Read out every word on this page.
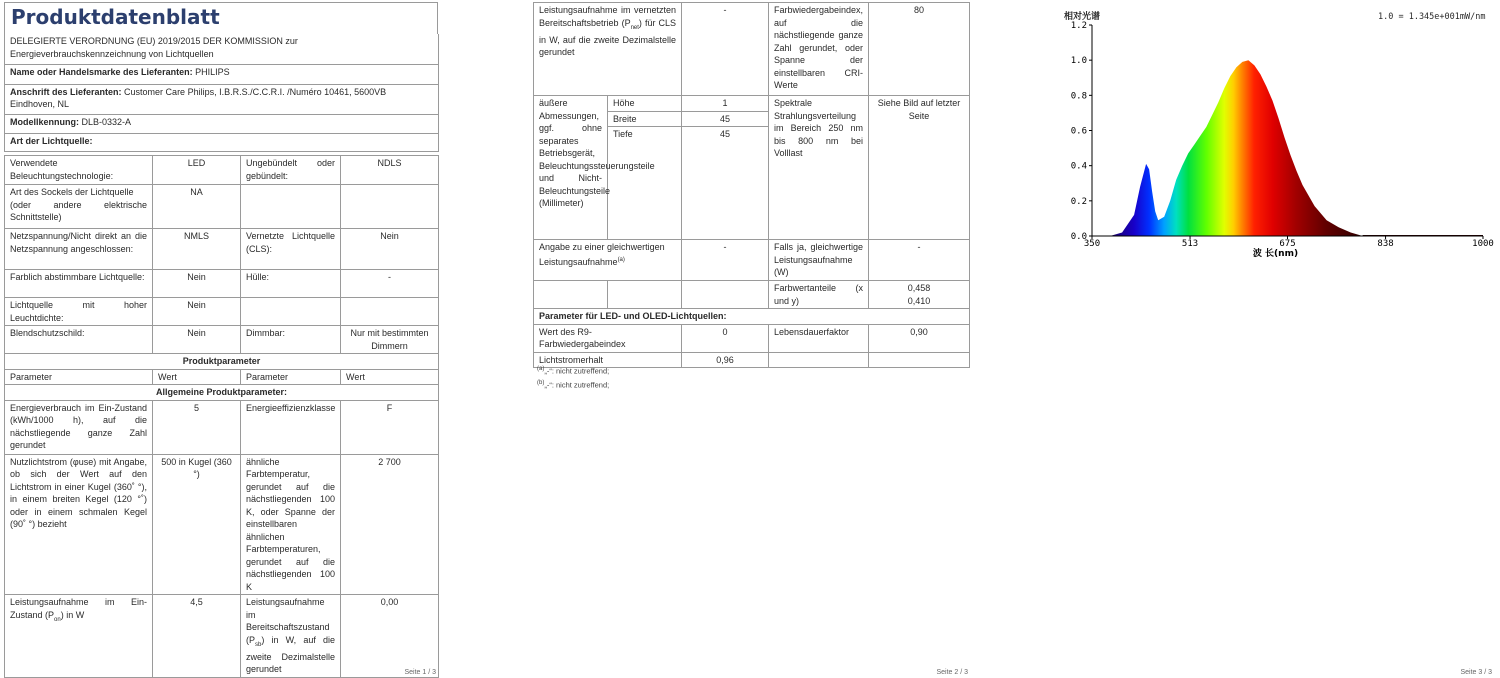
Produktdatenblatt
DELEGIERTE VERORDNUNG (EU) 2019/2015 DER KOMMISSION zur Energieverbrauchskennzeichnung von Lichtquellen
Name oder Handelsmarke des Lieferanten: PHILIPS
Anschrift des Lieferanten: Customer Care Philips, I.B.R.S./C.C.R.I. /Numéro 10461, 5600VB Eindhoven, NL
Modellkennung: DLB-0332-A
Art der Lichtquelle:
Verwendete Beleuchtungstechnologie:	LED	Ungebündelt oder gebündelt:	NDLS

Art des Sockels der Lichtquelle
(oder andere elektrische Schnittstelle)	NA		
Netzspannung/Nicht direkt an die Netzspannung angeschlossen:	NMLS	Vernetzte Lichtquelle (CLS):	Nein
Farblich abstimmbare Lichtquelle:	Nein	Hülle:	-
Lichtquelle mit hoher Leuchtdichte:	Nein		
Blendschutzschild:	Nein	Dimmbar:	Nur mit bestimmten Dimmern
Produktparameter			
Parameter	Wert	Parameter	Wert
Allgemeine Produktparameter:			
Energieverbrauch im Ein-Zustand (kWh/1000 h), auf die nächstliegende ganze Zahl gerundet	5	Energieeffizienzklasse	F
Nutzlichtstrom (φuse) mit Angabe, ob sich der Wert auf den Lichtstrom in einer Kugel (360˚ °), in einem breiten Kegel (120 °˚) oder in einem schmalen Kegel (90˚ °) bezieht	500 in Kugel (360 °)	ähnliche Farbtemperatur, gerundet auf die nächstliegenden 100 K, oder Spanne der einstellbaren ähnlichen Farbtemperaturen, gerundet auf die nächstliegenden 100 K	2 700
Leistungsaufnahme im Ein-Zustand $(P_{on})$ in W	4,5	Leistungsaufnahme im Bereitschaftszustand $(P_{sb})$ in W, auf die zweite Dezimalstelle gerundet	0,00
Seite 1 / 3	Seite 2 / 3
Leistungsaufnahme im vernetzten Bereitschaftsbetrieb $(P_{net})$ für CLS in W, auf die zweite Dezimalstelle gerundet		-	Farbwiedergabeindex, auf die nächstliegende ganze Zahl gerundet, oder Spanne der einstellbaren CRI-Werte	80
äußere Abmessungen, ggf. ohne separates Betriebsgerät, Beleuchtungssteuerungsteile und Nicht-Beleuchtungsteile (Millimeter)	Höhe	1	Spektrale Strahlungsverteilung im Bereich 250 nm bis 800 nm bei Volllast	Siehe Bild auf letzter Seite
	Breite	45		
	Tiefe	45		
Angabe zu einer gleichwertigen Leistungsaufnahme$^{(a)}$		-	Falls ja, gleichwertige Leistungsaufnahme (W)	-
			Farbwertanteile (x und y)	0,458
0,410

Parameter für LED- und OLED-Lichtquellen:				
Wert des R9-Farbwiedergabeindex		0	Lebensdauerfaktor	0,90
Lichtstromerhalt		0,96		
$^{(a)}$„-“: nicht zutreffend;
$^{(b)}$„-“: nicht zutreffend;
Seite 3 / 3
相对光谱	1.0 = 1.345e+001mW/nm
0.0
0.2
0.4
0.6
0.8
1.0
1.2
350	513	675	838	1000
波 长(nm)
